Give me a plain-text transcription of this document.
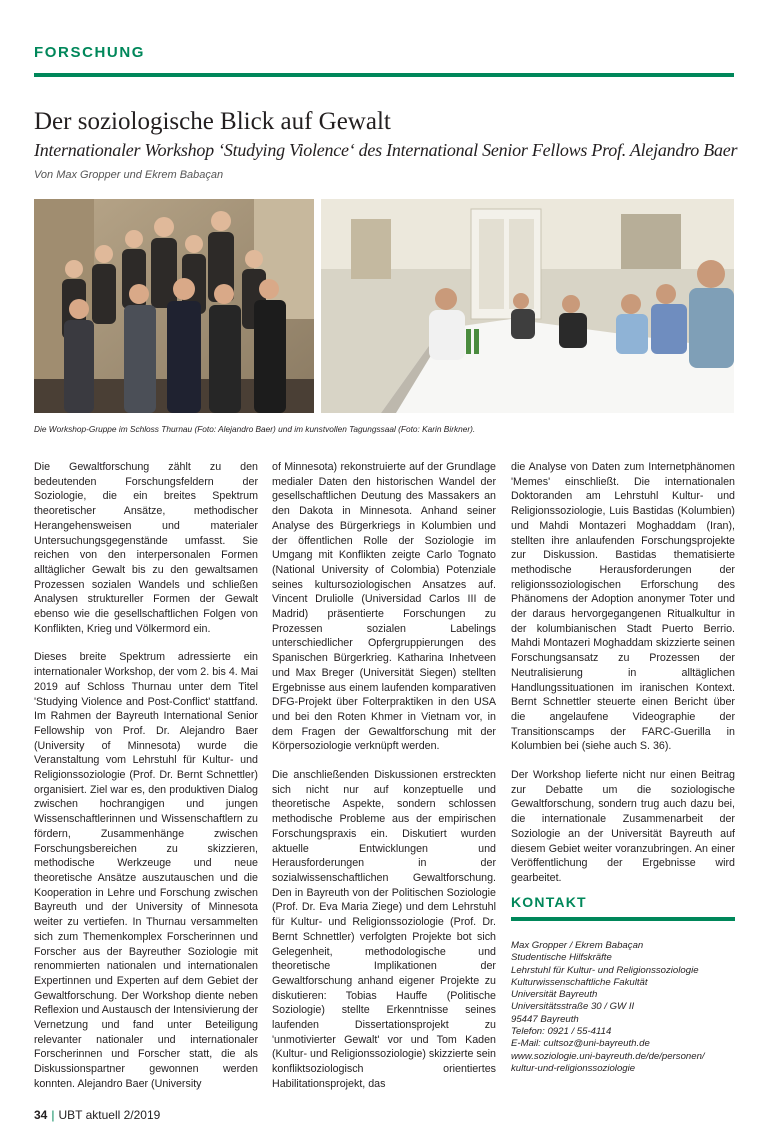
FORSCHUNG
Der soziologische Blick auf Gewalt
Internationaler Workshop ‘Studying Violence‘ des International Senior Fellows Prof. Alejandro Baer
Von Max Gropper und Ekrem Babaçan
Die Workshop-Gruppe im Schloss Thurnau (Foto: Alejandro Baer) und im kunstvollen Tagungssaal (Foto: Karin Birkner).

Die Gewaltforschung zählt zu den bedeutenden Forschungsfeldern der Soziologie, die ein breites Spektrum theoretischer Ansätze, methodischer Herangehensweisen und materialer Untersuchungsgegenstände umfasst. Sie reichen von den interpersonalen Formen alltäglicher Gewalt bis zu den gewaltsamen Prozessen sozialen Wandels und schließen Analysen struktureller Formen der Gewalt ebenso wie die gesellschaftlichen Folgen von Konflikten, Krieg und Völkermord ein.

Dieses breite Spektrum adressierte ein internationaler Workshop, der vom 2. bis 4. Mai 2019 auf Schloss Thurnau unter dem Titel 'Studying Violence and Post-Conflict' stattfand. Im Rahmen der Bayreuth International Senior Fellowship von Prof. Dr. Alejandro Baer (University of Minnesota) wurde die Veranstaltung vom Lehrstuhl für Kultur- und Religionssoziologie (Prof. Dr. Bernt Schnettler) organisiert. Ziel war es, den produktiven Dialog zwischen hochrangigen und jungen Wissenschaftlerinnen und Wissenschaftlern zu fördern, Zusammenhänge zwischen Forschungsbereichen zu skizzieren, methodische Werkzeuge und neue theoretische Ansätze auszutauschen und die Kooperation in Lehre und Forschung zwischen Bayreuth und der University of Minnesota weiter zu vertiefen. In Thurnau versammelten sich zum Themenkomplex Forscherinnen und Forscher aus der Bayreuther Soziologie mit renommierten nationalen und internationalen Expertinnen und Experten auf dem Gebiet der Gewaltforschung. Der Workshop diente neben Reflexion und Austausch der Intensivierung der Vernetzung und fand unter Beteiligung relevanter nationaler und internationaler Forscherinnen und Forscher statt, die als Diskussionspartner gewonnen werden konnten. Alejandro Baer (University

of Minnesota) rekonstruierte auf der Grundlage medialer Daten den historischen Wandel der gesellschaftlichen Deutung des Massakers an den Dakota in Minnesota. Anhand seiner Analyse des Bürgerkriegs in Kolumbien und der öffentlichen Rolle der Soziologie im Umgang mit Konflikten zeigte Carlo Tognato (National University of Colombia) Potenziale seines kultursoziologischen Ansatzes auf. Vincent Druliolle (Universidad Carlos III de Madrid) präsentierte Forschungen zu Prozessen sozialen Labelings unterschiedlicher Opfergruppierungen des Spanischen Bürgerkrieg. Katharina Inhetveen und Max Breger (Universität Siegen) stellten Ergebnisse aus einem laufenden komparativen DFG-Projekt über Folterpraktiken in den USA und bei den Roten Khmer in Vietnam vor, in dem Fragen der Gewaltforschung mit der Körpersoziologie verknüpft werden.

Die anschließenden Diskussionen erstreckten sich nicht nur auf konzeptuelle und theoretische Aspekte, sondern schlossen methodische Probleme aus der empirischen Forschungspraxis ein. Diskutiert wurden aktuelle Entwicklungen und Herausforderungen in der sozialwissenschaftlichen Gewaltforschung. Den in Bayreuth von der Politischen Soziologie (Prof. Dr. Eva Maria Ziege) und dem Lehrstuhl für Kultur- und Religionssoziologie (Prof. Dr. Bernt Schnettler) verfolgten Projekte bot sich Gelegenheit, methodologische und theoretische Implikationen der Gewaltforschung anhand eigener Projekte zu diskutieren: Tobias Hauffe (Politische Soziologie) stellte Erkenntnisse seines laufenden Dissertationsprojekt zu 'unmotivierter Gewalt' vor und Tom Kaden (Kultur- und Religionssoziologie) skizzierte sein konfliktsoziologisch orientiertes Habilitationsprojekt, das

die Analyse von Daten zum Internetphänomen 'Memes' einschließt. Die internationalen Doktoranden am Lehrstuhl Kultur- und Religionssoziologie, Luis Bastidas (Kolumbien) und Mahdi Montazeri Moghaddam (Iran), stellten ihre anlaufenden Forschungsprojekte zur Diskussion. Bastidas thematisierte methodische Herausforderungen der religionssoziologischen Erforschung des Phänomens der Adoption anonymer Toter und der daraus hervorgegangenen Ritualkultur in der kolumbianischen Stadt Puerto Berrio. Mahdi Montazeri Moghaddam skizzierte seinen Forschungsansatz zu Prozessen der Neutralisierung in alltäglichen Handlungssituationen im iranischen Kontext. Bernt Schnettler steuerte einen Bericht über die angelaufene Videographie der Transitionscamps der FARC-Guerilla in Kolumbien bei (siehe auch S. 36).

Der Workshop lieferte nicht nur einen Beitrag zur Debatte um die soziologische Gewaltforschung, sondern trug auch dazu bei, die internationale Zusammenarbeit der Soziologie an der Universität Bayreuth auf diesem Gebiet weiter voranzubringen. An einer Veröffentlichung der Ergebnisse wird gearbeitet.

KONTAKT
Max Gropper / Ekrem Babaçan
Studentische Hilfskräfte
Lehrstuhl für Kultur- und Religionssoziologie
Kulturwissenschaftliche Fakultät
Universität Bayreuth
Universitätsstraße 30 / GW II
95447 Bayreuth
Telefon: 0921 / 55-4114
E-Mail: cultsoz@uni-bayreuth.de
www.soziologie.uni-bayreuth.de/de/personen/
kultur-und-religionssoziologie
34 | UBT aktuell 2/2019
